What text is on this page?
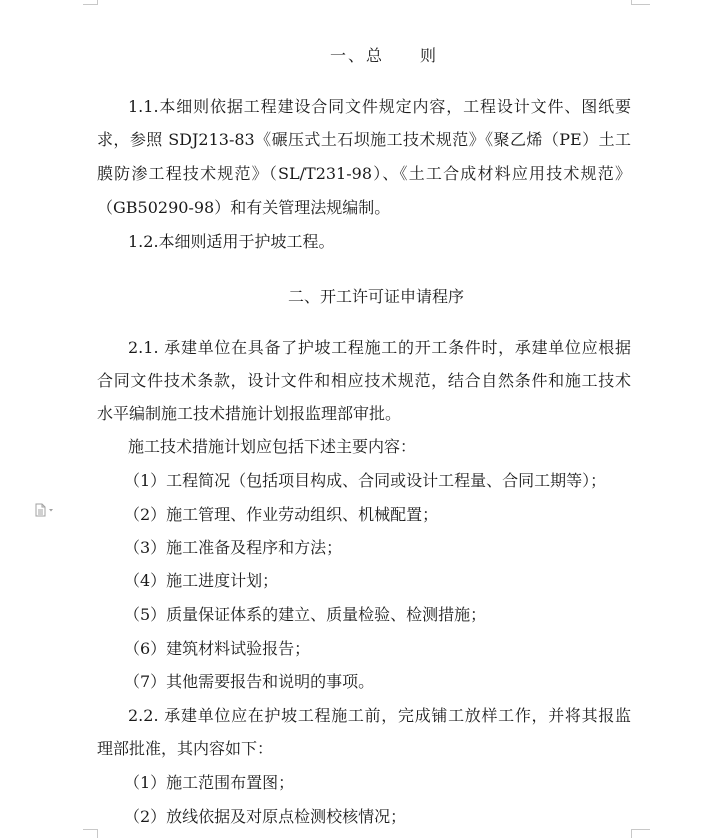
一、总　　则
1.1.本细则依据工程建设合同文件规定内容，工程设计文件、图纸要
求，参照 SDJ213-83《碾压式土石坝施工技术规范》《聚乙烯（PE）土工
膜防渗工程技术规范》（SL/T231-98）、《土工合成材料应用技术规范》
（GB50290-98）和有关管理法规编制。
1.2.本细则适用于护坡工程。
二、开工许可证申请程序
2.1. 承建单位在具备了护坡工程施工的开工条件时，承建单位应根据
合同文件技术条款，设计文件和相应技术规范，结合自然条件和施工技术
水平编制施工技术措施计划报监理部审批。
施工技术措施计划应包括下述主要内容：
（1）工程简况（包括项目构成、合同或设计工程量、合同工期等）；
（2）施工管理、作业劳动组织、机械配置；
（3）施工准备及程序和方法；
（4）施工进度计划；
（5）质量保证体系的建立、质量检验、检测措施；
（6）建筑材料试验报告；
（7）其他需要报告和说明的事项。
2.2. 承建单位应在护坡工程施工前，完成铺工放样工作，并将其报监
理部批准，其内容如下：
（1）施工范围布置图；
（2）放线依据及对原点检测校核情况；
